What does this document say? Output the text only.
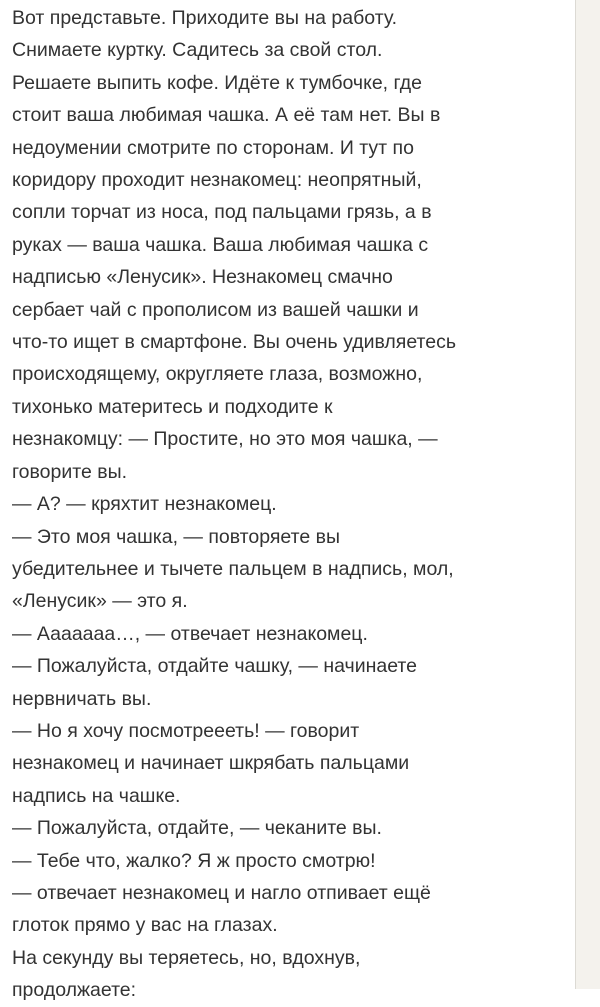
Вот представьте. Приходите вы на работу.
Снимаете куртку. Садитесь за свой стол.
Решаете выпить кофе. Идёте к тумбочке, где
стоит ваша любимая чашка. А её там нет. Вы в
недоумении смотрите по сторонам. И тут по
коридору проходит незнакомец: неопрятный,
сопли торчат из носа, под пальцами грязь, а в
руках — ваша чашка. Ваша любимая чашка с
надписью «Ленусик». Незнакомец смачно
сербает чай с прополисом из вашей чашки и
что-то ищет в смартфоне. Вы очень удивляетесь
происходящему, округляете глаза, возможно,
тихонько материтесь и подходите к
незнакомцу: — Простите, но это моя чашка, —
говорите вы.
— А? — кряхтит незнакомец.
— Это моя чашка, — повторяете вы
убедительнее и тычете пальцем в надпись, мол,
«Ленусик» — это я.
— Ааааааа…, — отвечает незнакомец.
— Пожалуйста, отдайте чашку, — начинаете
нервничать вы.
— Но я хочу посмотреееть! — говорит
незнакомец и начинает шкрябать пальцами
надпись на чашке.
— Пожалуйста, отдайте, — чеканите вы.
— Тебе что, жалко? Я ж просто смотрю!
— отвечает незнакомец и нагло отпивает ещё
глоток прямо у вас на глазах.
На секунду вы теряетесь, но, вдохнув,
продолжаете:
